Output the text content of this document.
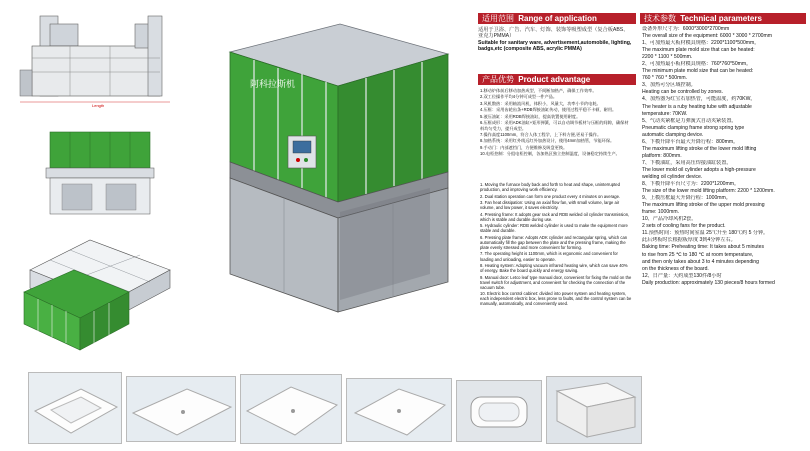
Length
阿科拉斯机
适用范围 Range of application
适用于卫浴、广告、汽车、灯饰、装饰等吸塑成型（复合板ABS、亚克力PMMA）
Suitable for sanitary ware, advertisement,automobile, lighting, badgs,etc (composite ABS, acrylic PMMA)
产品优势 Product advantage

1.移动炉体前后移动加热成型，不间断加热产，确保工作效率。

2.双工位操作平均4分钟可成型一件产品。

3.风机散热：采用轴流风机，体积小，风量大，功率小节约电耗。

4.压框：采用齿轮齿条+RDB焊接油缸传动，使用过程平稳不卡顿、耐用。

5.液压油缸：采用RDB焊接油缸，提高装置使用耐度。

6.压框成形：采用ADK油缸+矩形弹簧，可以自动调节板材与压框的间隙，确保材料均匀受力，提升成型。

7.操作高度1100mm，符合人体工程学，上下料方便,更易于操作。

8.加热系统：采用红外线远红外加热设计，使用4mm加热管，节能环保。

9.手动门：内部遮挡门，方便维修及吸盘更换。

10.电柜控制：分组电柜控制，各加热区独立控制温度，设备稳定持续生产。

1. Moving the furnace body back and forth to heat and shape, uninterrupted production, and improving work efficiency.

2. Dual station operation can form one product every 4 minutes on average.

3. Fan heat dissipation: Using an axial flow fan, with small volume, large air volume, and low power, it saves electricity.

4. Pressing frame: It adopts gear rack and RDB welded oil cylinder transmission, which is stable and durable during use.

5. Hydraulic cylinder: RDB welded cylinder is used to make the equipment more stable and durable.

6. Pressing plate frame: Adopts ADK cylinder and rectangular spring, which can automatically fill the gap between the plate and the pressing frame, making the plate evenly stressed and more convenient for forming.

7. The operating height is 1100mm, which is ergonomic and convenient for loading and unloading, easier to operate.

8. Heating system: Adopting vacuum infrared heating wire, which can save 40% of energy. Bake the board quickly and energy saving.

9. Manual door: Letco leaf type manual door, convenient for fixing the mold on the travel switch for adjustment, and convenient for checking the connection of the vacuum tube.

10. Electric box control cabinet: divided into power system and heating system, each independent electric box, less prone to faults, and the control system can be manually, automatically, and conveniently used.

技术参数 Technical parameters
设备外形尺寸为：6000*3000*2700mm
The overall size of the equipment: 6000 * 3000 * 2700mm
1、可加热最大板材模具规格：2200*1100*500mm。
The maximum plate mold size that can be heated:
2200 * 1100 * 500mm.
2、可加热最小板材模具规格：760*760*50mm。
The minimum plate mold size that can be heated:
760 * 760 * 500mm.
3、加热可分区域控制。
Heating can be controlled by zones.
4、加热器为红宝石加热管，可能温度，约70KW。
The heater is a ruby heating tube with adjustable
temperature: 70KW.
5、气动夹紧框是力弹簧式自动夹紧装置。
Pneumatic clamping frame strong spring type
automatic clamping device.
6、下模升降平台最大升降行程：800mm。
The maximum lifting stroke of the lower mold lifting
platform: 800mm.
7、下模油缸，采用高压焊接油缸装置。
The lower mold oil cylinder adopts a high-pressure
welding oil cylinder device.
8、下模升降平台尺寸为：2200*1200mm。
The size of the lower mold lifting platform: 2200 * 1200mm.
9、上模压框最大升降行程：1000mm。
The maximum lifting stroke of the upper mold pressing
frame: 1000mm.
10、产品冷却风机2套。
2 sets of cooling fans for the product.
11.预热时间：预热时间室温 25℃升至 180℃约 5 分钟。
此后烤板时长根据板厚度 3到4分钟左右。
Baking time: Preheating time: It takes about 5 minutes
to rise from 25 ℃ to 180 ℃ at room temperature,
and then only takes about 3 to 4 minutes depending
on the thickness of the board.
12、日产量：大约成型130件/8小时
Daily production: approximately 130 pieces/8 hours formed
